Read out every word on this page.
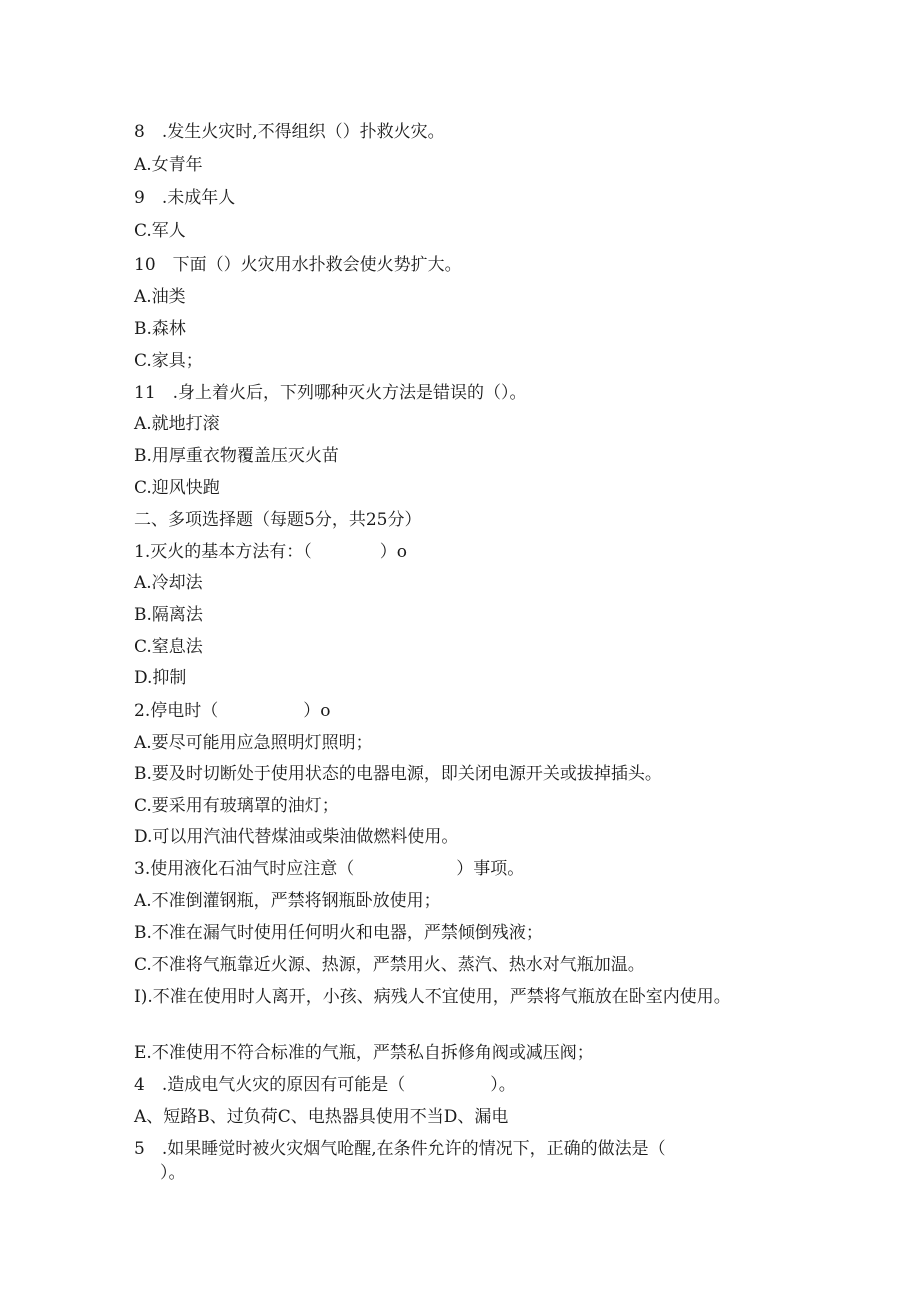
8　.发生火灾时,不得组织（）扑救火灾。
A.女青年
9　.未成年人
C.军人
10　下面（）火灾用水扑救会使火势扩大。
A.油类
B.森林
C.家具；
11　.身上着火后，下列哪种灭火方法是错误的（）。
A.就地打滚
B.用厚重衣物覆盖压灭火苗
C.迎风快跑
二、多项选择题（每题5分，共25分）
1.灭火的基本方法有：（　　　　）o
A.冷却法
B.隔离法
C.窒息法
D.抑制
2.停电时（　　　　　）o
A.要尽可能用应急照明灯照明；
B.要及时切断处于使用状态的电器电源，即关闭电源开关或拔掉插头。
C.要采用有玻璃罩的油灯；
D.可以用汽油代替煤油或柴油做燃料使用。
3.使用液化石油气时应注意（　　　　　　）事项。
A.不准倒灌钢瓶，严禁将钢瓶卧放使用；
B.不准在漏气时使用任何明火和电器，严禁倾倒残液；
C.不准将气瓶靠近火源、热源，严禁用火、蒸汽、热水对气瓶加温。
I).不准在使用时人离开，小孩、病残人不宜使用，严禁将气瓶放在卧室内使用。
E.不准使用不符合标准的气瓶，严禁私自拆修角阀或减压阀；
4　.造成电气火灾的原因有可能是（　　　　　）。
A、短路B、过负荷C、电热器具使用不当D、漏电
5　.如果睡觉时被火灾烟气呛醒,在条件允许的情况下，正确的做法是（
）。
